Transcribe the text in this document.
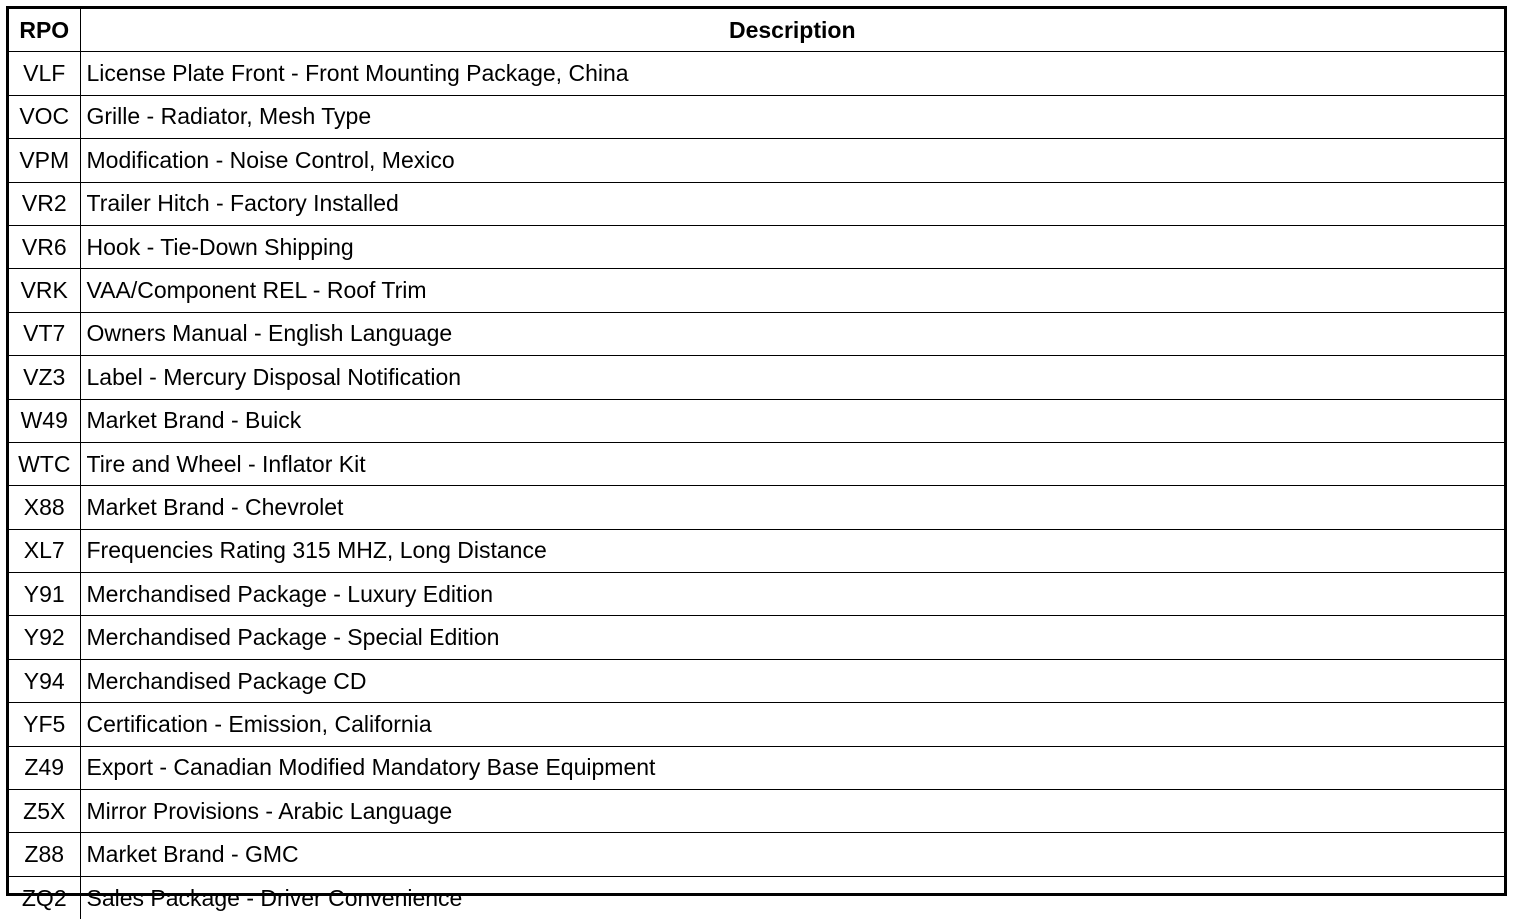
RPO	Description
VLF	License Plate Front - Front Mounting Package, China
VOC	Grille - Radiator, Mesh Type
VPM	Modification - Noise Control, Mexico
VR2	Trailer Hitch - Factory Installed
VR6	Hook - Tie-Down Shipping
VRK	VAA/Component REL - Roof Trim
VT7	Owners Manual - English Language
VZ3	Label - Mercury Disposal Notification
W49	Market Brand - Buick
WTC	Tire and Wheel - Inflator Kit
X88	Market Brand - Chevrolet
XL7	Frequencies Rating 315 MHZ, Long Distance
Y91	Merchandised Package - Luxury Edition
Y92	Merchandised Package - Special Edition
Y94	Merchandised Package CD
YF5	Certification - Emission, California
Z49	Export - Canadian Modified Mandatory Base Equipment
Z5X	Mirror Provisions - Arabic Language
Z88	Market Brand - GMC
ZQ2	Sales Package - Driver Convenience
